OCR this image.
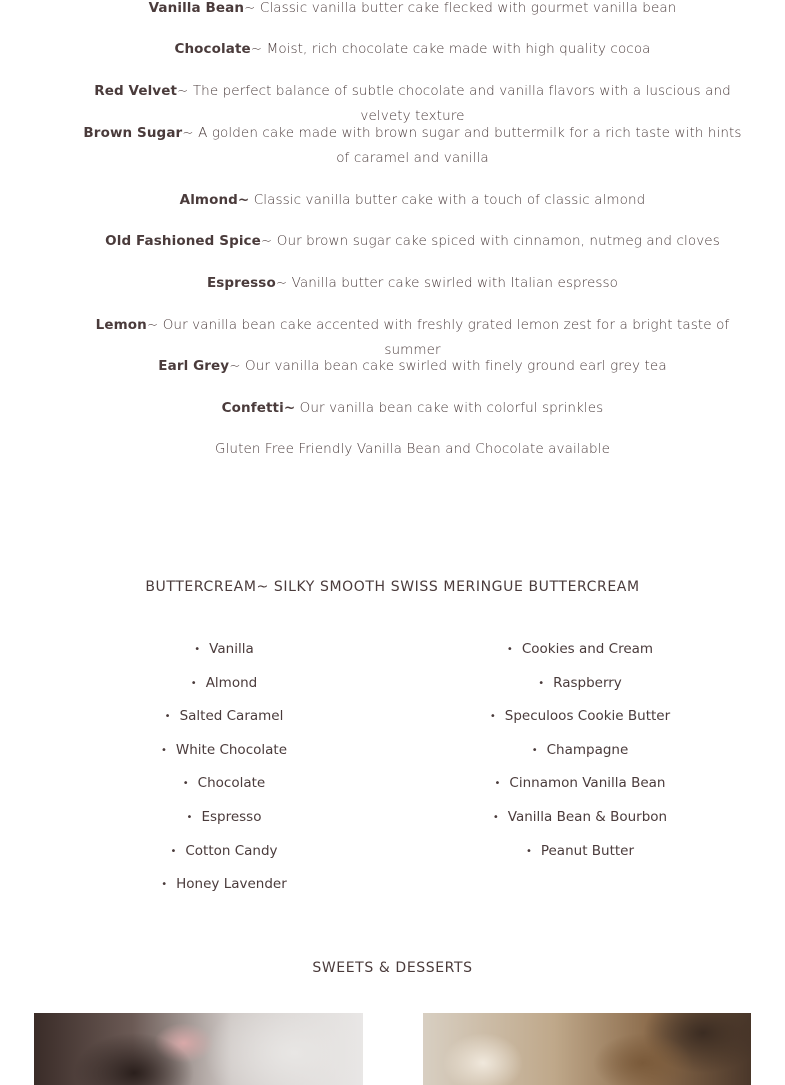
Vanilla Bean~ Classic vanilla butter cake flecked with gourmet vanilla bean
Chocolate~ Moist, rich chocolate cake made with high quality cocoa
Red Velvet~ The perfect balance of subtle chocolate and vanilla flavors with a luscious and velvety texture
Brown Sugar~ A golden cake made with brown sugar and buttermilk for a rich taste with hints of caramel and vanilla
Almond~ Classic vanilla butter cake with a touch of classic almond
Old Fashioned Spice~ Our brown sugar cake spiced with cinnamon, nutmeg and cloves
Espresso~ Vanilla butter cake swirled with Italian espresso
Lemon~ Our vanilla bean cake accented with freshly grated lemon zest for a bright taste of summer
Earl Grey~ Our vanilla bean cake swirled with finely ground earl grey tea
Confetti~ Our vanilla bean cake with colorful sprinkles
Gluten Free Friendly Vanilla Bean and Chocolate available
BUTTERCREAM~ SILKY SMOOTH SWISS MERINGUE BUTTERCREAM
• Vanilla
• Almond
• Salted Caramel
• White Chocolate
• Chocolate
• Espresso
• Cotton Candy
• Honey Lavender
• Cookies and Cream
• Raspberry
• Speculoos Cookie Butter
• Champagne
• Cinnamon Vanilla Bean
• Vanilla Bean & Bourbon
• Peanut Butter
SWEETS & DESSERTS
